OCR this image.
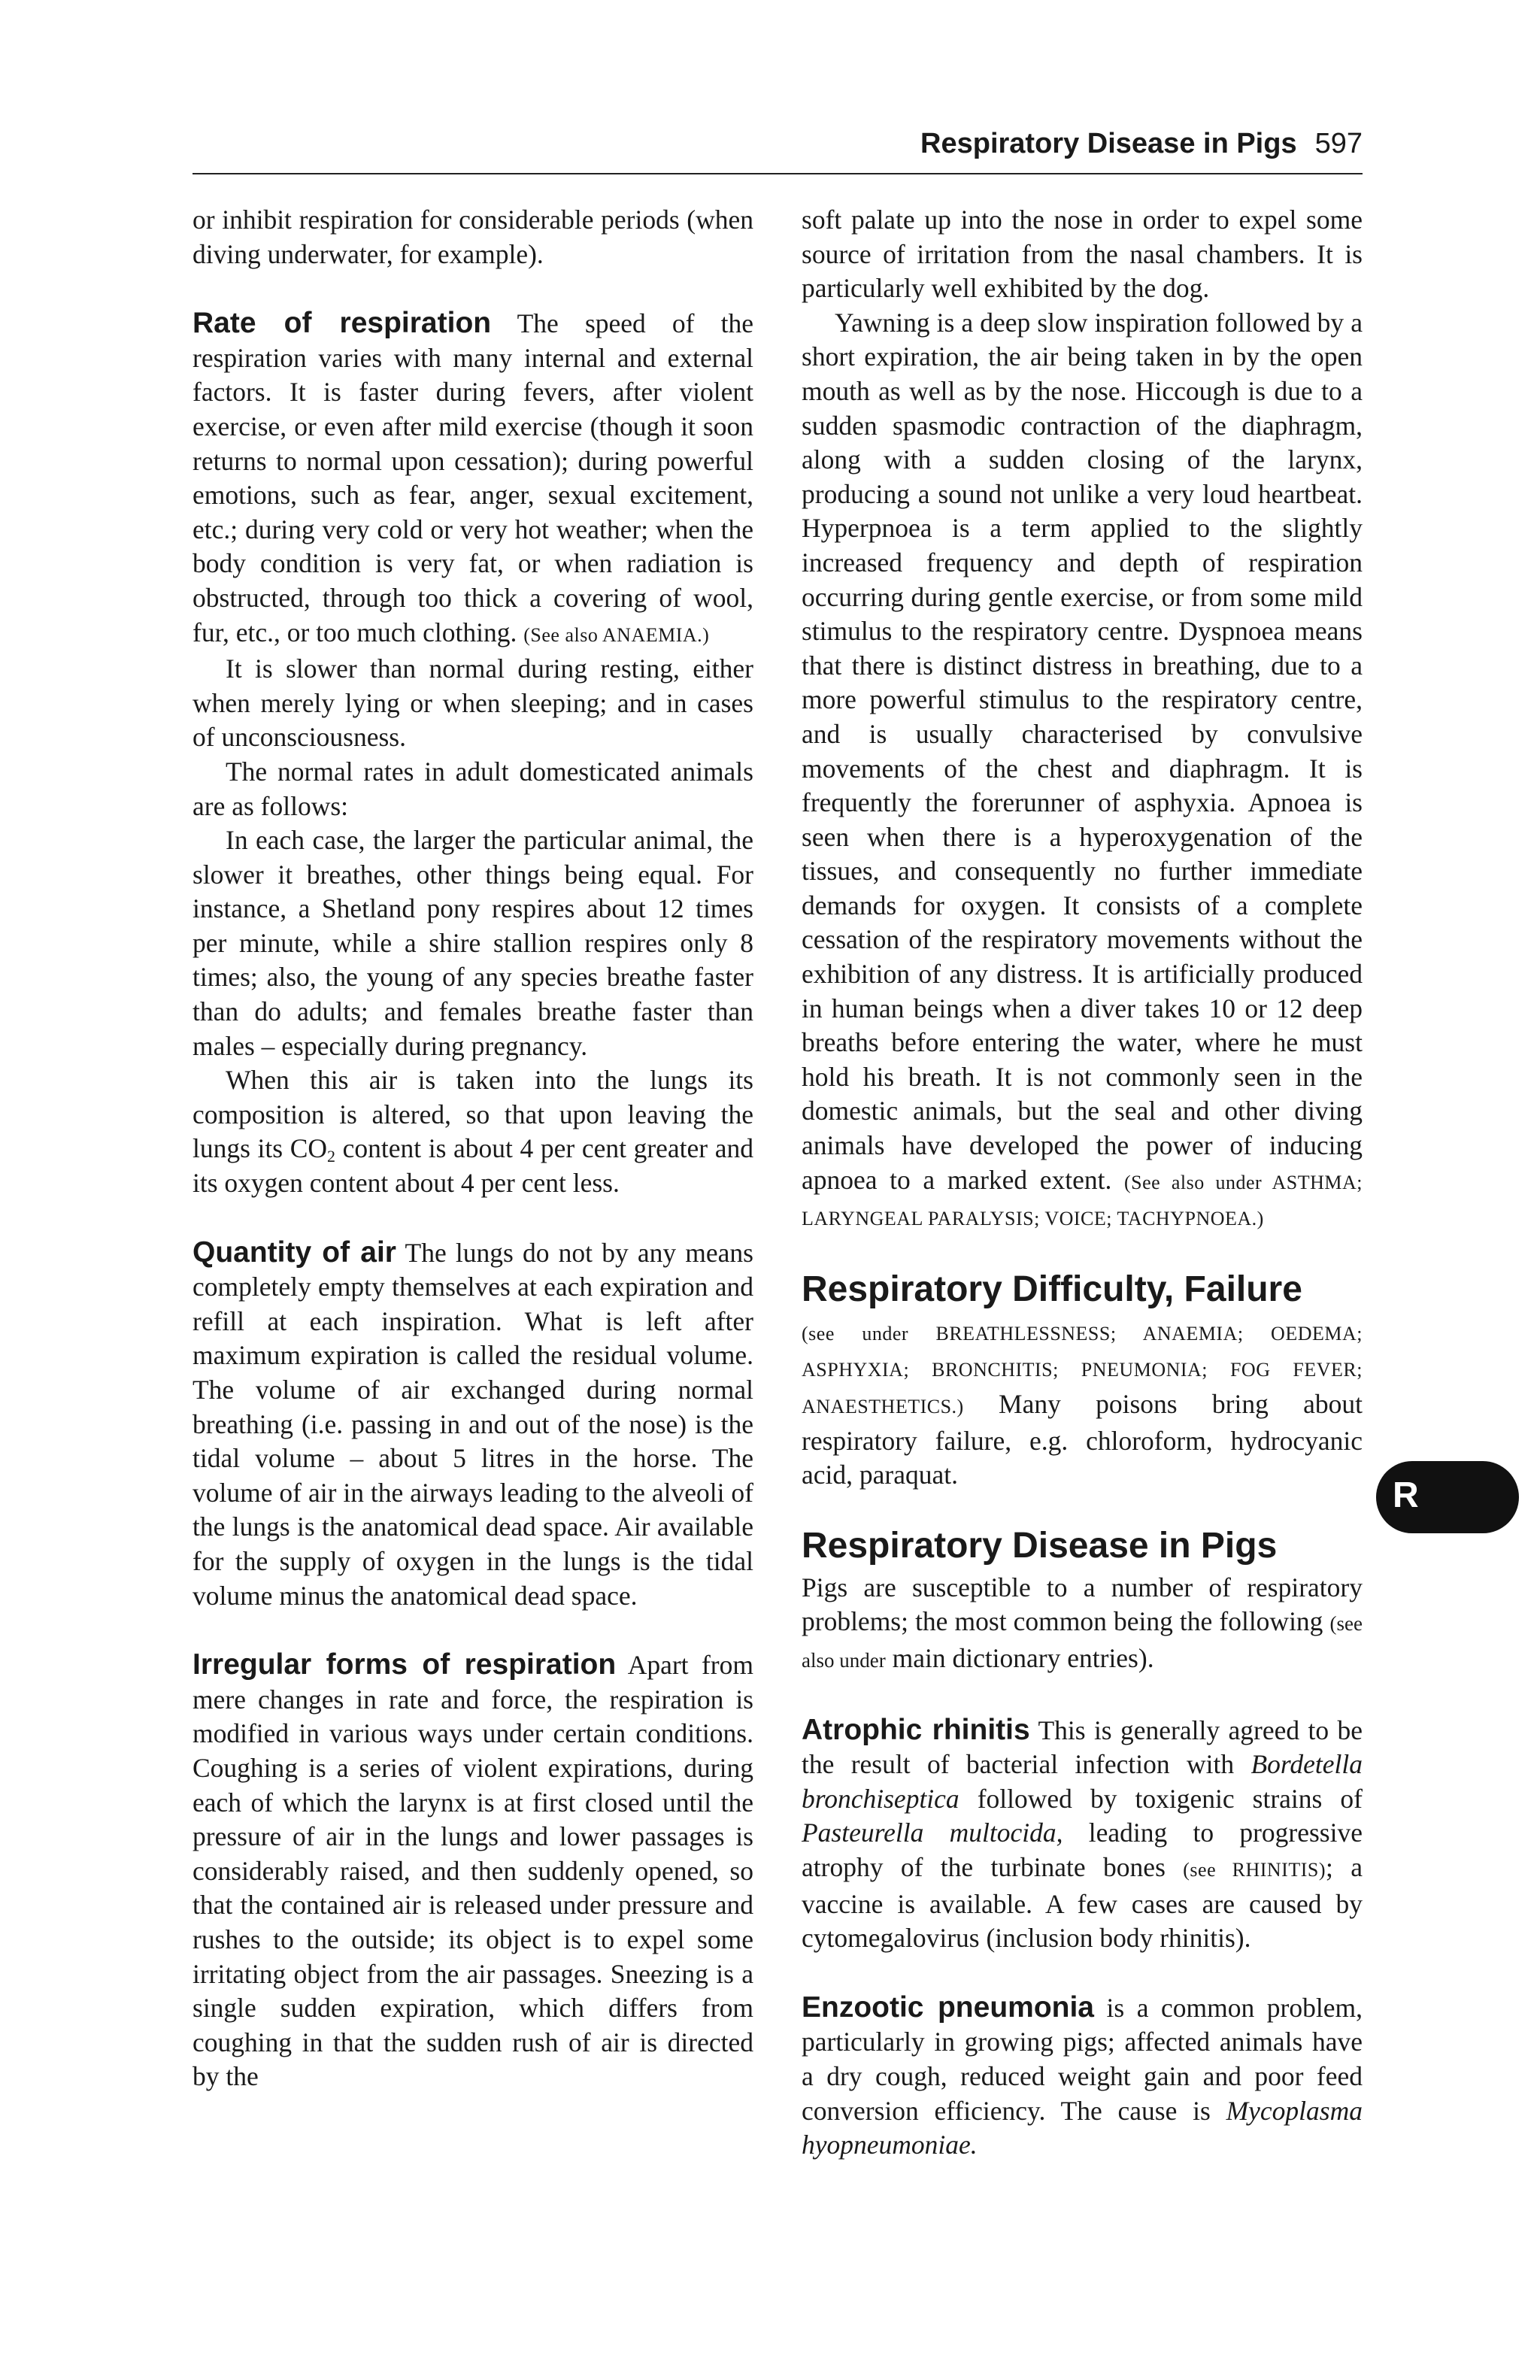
Respiratory Disease in Pigs 597

or inhibit respiration for considerable periods (when diving underwater, for example).

Rate of respiration The speed of the respiration varies with many internal and external factors. It is faster during fevers, after violent exercise, or even after mild exercise (though it soon returns to normal upon cessation); during powerful emotions, such as fear, anger, sexual excitement, etc.; during very cold or very hot weather; when the body condition is very fat, or when radiation is obstructed, through too thick a covering of wool, fur, etc., or too much clothing. (See also ANAEMIA.)

It is slower than normal during resting, either when merely lying or when sleeping; and in cases of unconsciousness.

The normal rates in adult domesticated animals are as follows:

In each case, the larger the particular animal, the slower it breathes, other things being equal. For instance, a Shetland pony respires about 12 times per minute, while a shire stallion respires only 8 times; also, the young of any species breathe faster than do adults; and females breathe faster than males – especially during pregnancy.

When this air is taken into the lungs its composition is altered, so that upon leaving the lungs its $CO_2$ content is about 4 per cent greater and its oxygen content about 4 per cent less.

Quantity of air The lungs do not by any means completely empty themselves at each expiration and refill at each inspiration. What is left after maximum expiration is called the residual volume. The volume of air exchanged during normal breathing (i.e. passing in and out of the nose) is the tidal volume – about 5 litres in the horse. The volume of air in the airways leading to the alveoli of the lungs is the anatomical dead space. Air available for the supply of oxygen in the lungs is the tidal volume minus the anatomical dead space.

Irregular forms of respiration Apart from mere changes in rate and force, the respiration is modified in various ways under certain conditions. Coughing is a series of violent expirations, during each of which the larynx is at first closed until the pressure of air in the lungs and lower passages is considerably raised, and then suddenly opened, so that the contained air is released under pressure and rushes to the outside; its object is to expel some irritating object from the air passages. Sneezing is a single sudden expiration, which differs from coughing in that the sudden rush of air is directed by the

soft palate up into the nose in order to expel some source of irritation from the nasal chambers. It is particularly well exhibited by the dog.

Yawning is a deep slow inspiration followed by a short expiration, the air being taken in by the open mouth as well as by the nose. Hiccough is due to a sudden spasmodic contraction of the diaphragm, along with a sudden closing of the larynx, producing a sound not unlike a very loud heartbeat. Hyperpnoea is a term applied to the slightly increased frequency and depth of respiration occurring during gentle exercise, or from some mild stimulus to the respiratory centre. Dyspnoea means that there is distinct distress in breathing, due to a more powerful stimulus to the respiratory centre, and is usually characterised by convulsive movements of the chest and diaphragm. It is frequently the forerunner of asphyxia. Apnoea is seen when there is a hyperoxygenation of the tissues, and consequently no further immediate demands for oxygen. It consists of a complete cessation of the respiratory movements without the exhibition of any distress. It is artificially produced in human beings when a diver takes 10 or 12 deep breaths before entering the water, where he must hold his breath. It is not commonly seen in the domestic animals, but the seal and other diving animals have developed the power of inducing apnoea to a marked extent. (See also under ASTHMA; LARYNGEAL PARALYSIS; VOICE; TACHYPNOEA.)

Respiratory Difficulty, Failure

(see under BREATHLESSNESS; ANAEMIA; OEDEMA; ASPHYXIA; BRONCHITIS; PNEUMONIA; FOG FEVER; ANAESTHETICS.) Many poisons bring about respiratory failure, e.g. chloroform, hydrocyanic acid, paraquat.

Respiratory Disease in Pigs

Pigs are susceptible to a number of respiratory problems; the most common being the following (see also under main dictionary entries).

Atrophic rhinitis This is generally agreed to be the result of bacterial infection with Bordetella bronchiseptica followed by toxigenic strains of Pasteurella multocida, leading to progressive atrophy of the turbinate bones (see RHINITIS); a vaccine is available. A few cases are caused by cytomegalovirus (inclusion body rhinitis).

Enzootic pneumonia is a common problem, particularly in growing pigs; affected animals have a dry cough, reduced weight gain and poor feed conversion efficiency. The cause is Mycoplasma hyopneumoniae.

R
